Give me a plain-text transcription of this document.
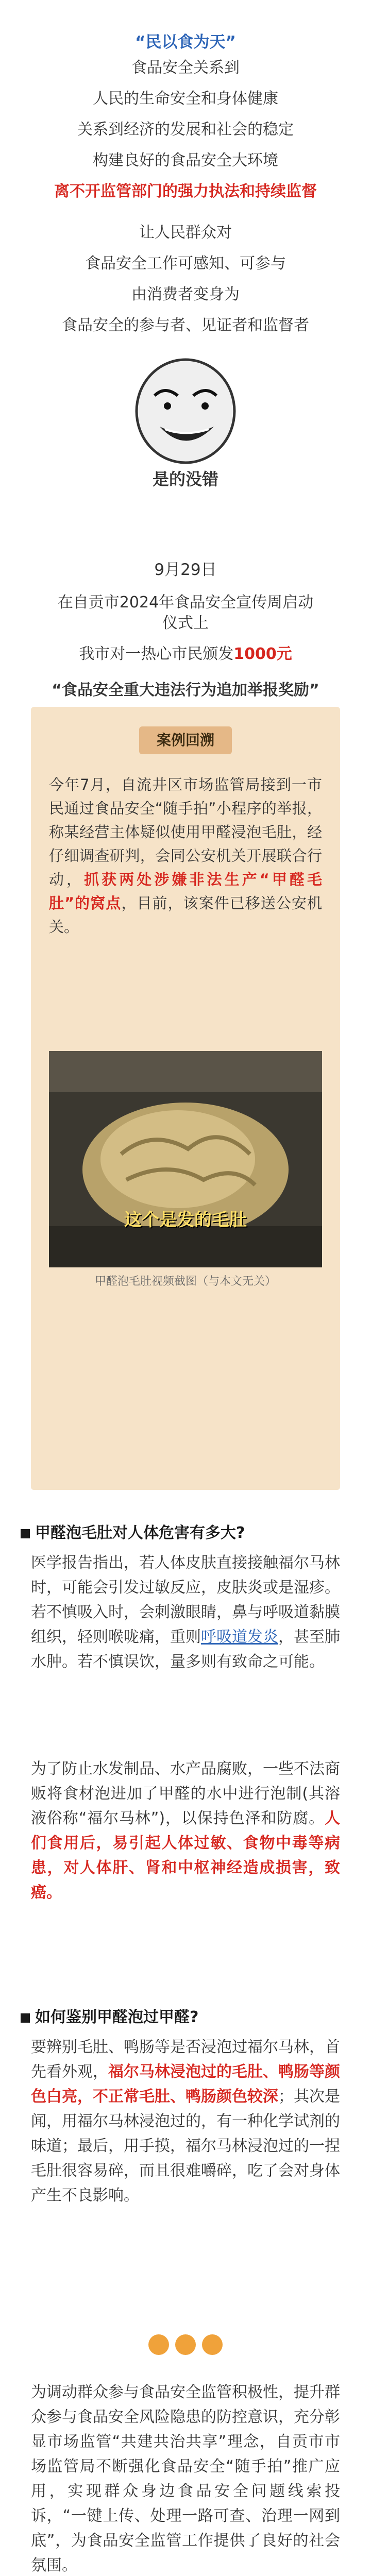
“民以食为天”
食品安全关系到
人民的生命安全和身体健康
关系到经济的发展和社会的稳定
构建良好的食品安全大环境
离不开监管部门的强力执法和持续监督
让人民群众对
食品安全工作可感知、可参与
由消费者变身为
食品安全的参与者、见证者和监督者
是的没错
9月29日
在自贡市2024年食品安全宣传周启动
仪式上
我市对一热心市民颁发1000元
“食品安全重大违法行为追加举报奖励”
案例回溯
今年7月，自流井区市场监管局接到一市民通过食品安全“随手拍”小程序的举报，称某经营主体疑似使用甲醛浸泡毛肚，经仔细调查研判，会同公安机关开展联合行动，抓获两处涉嫌非法生产“甲醛毛肚”的窝点，目前，该案件已移送公安机关。
这个是发的毛肚
甲醛泡毛肚视频截图（与本文无关）
甲醛泡毛肚对人体危害有多大?
医学报告指出，若人体皮肤直接接触福尔马林时，可能会引发过敏反应，皮肤炎或是湿疹。若不慎吸入时，会刺激眼睛，鼻与呼吸道黏膜组织，轻则喉咙痛，重则呼吸道发炎，甚至肺水肿。若不慎误饮，量多则有致命之可能。
为了防止水发制品、水产品腐败，一些不法商贩将食材泡进加了甲醛的水中进行泡制(其溶液俗称“福尔马林”)，以保持色泽和防腐。人们食用后，易引起人体过敏、食物中毒等病患，对人体肝、肾和中枢神经造成损害，致癌。
如何鉴别甲醛泡过甲醛?
要辨别毛肚、鸭肠等是否浸泡过福尔马林，首先看外观，福尔马林浸泡过的毛肚、鸭肠等颜色白亮，不正常毛肚、鸭肠颜色较深；其次是闻，用福尔马林浸泡过的，有一种化学试剂的味道；最后，用手摸，福尔马林浸泡过的一捏毛肚很容易碎，而且很难嚼碎，吃了会对身体产生不良影响。
为调动群众参与食品安全监管积极性，提升群众参与食品安全风险隐患的防控意识，充分彰显市场监管“共建共治共享”理念，自贡市市场监管局不断强化食品安全“随手拍”推广应用，实现群众身边食品安全问题线索投诉，“一键上传、处理一路可查、治理一网到底”，为食品安全监管工作提供了良好的社会氛围。
